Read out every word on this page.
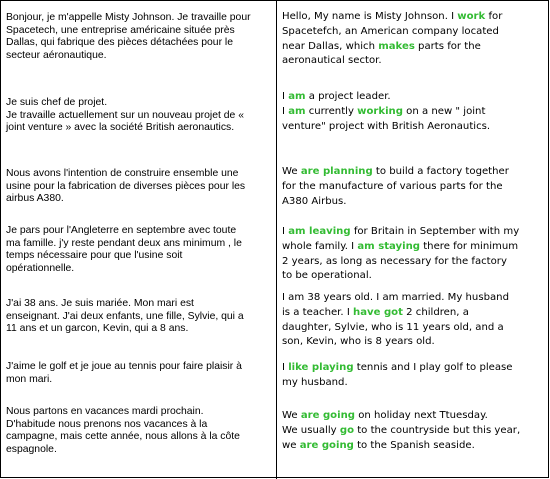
Bonjour, je m'appelle Misty Johnson. Je travaille pour
Spacetech, une entreprise américaine située près
Dallas, qui fabrique des pièces détachées pour le
secteur aéronautique.
Hello, My name is Misty Johnson. I work for
Spacetefch, an American company located
near Dallas, which makes parts for the
aeronautical sector.
Je suis chef de projet.
Je travaille actuellement sur un nouveau projet de «
joint venture » avec la société British aeronautics.
I am a project leader.
I am currently working on a new " joint
venture" project with British Aeronautics.
Nous avons l'intention de construire ensemble une
usine pour la fabrication de diverses pièces pour les
airbus A380.
We are planning to build a factory together
for the manufacture of various parts for the
A380 Airbus.
Je pars pour l'Angleterre en septembre avec toute
ma famille. j'y reste pendant deux ans minimum , le
temps nécessaire pour que l'usine soit
opérationnelle.
I am leaving for Britain in September with my
whole family. I am staying there for minimum
2 years, as long as necessary for the factory
to be operational.
J'ai 38 ans. Je suis mariée. Mon mari est
enseignant. J'ai deux enfants, une fille, Sylvie, qui a
11 ans et un garcon, Kevin, qui a 8 ans.
I am 38 years old. I am married. My husband
is a teacher. I have got 2 children, a
daughter, Sylvie, who is 11 years old, and a
son, Kevin, who is 8 years old.
J'aime le golf et je joue au tennis pour faire plaisir à
mon mari.
I like playing tennis and I play golf to please
my husband.
Nous partons en vacances mardi prochain.
D'habitude nous prenons nos vacances à la
campagne, mais cette année, nous allons à la côte
espagnole.
We are going on holiday next Ttuesday.
We usually go to the countryside but this year,
we are going to the Spanish seaside.
